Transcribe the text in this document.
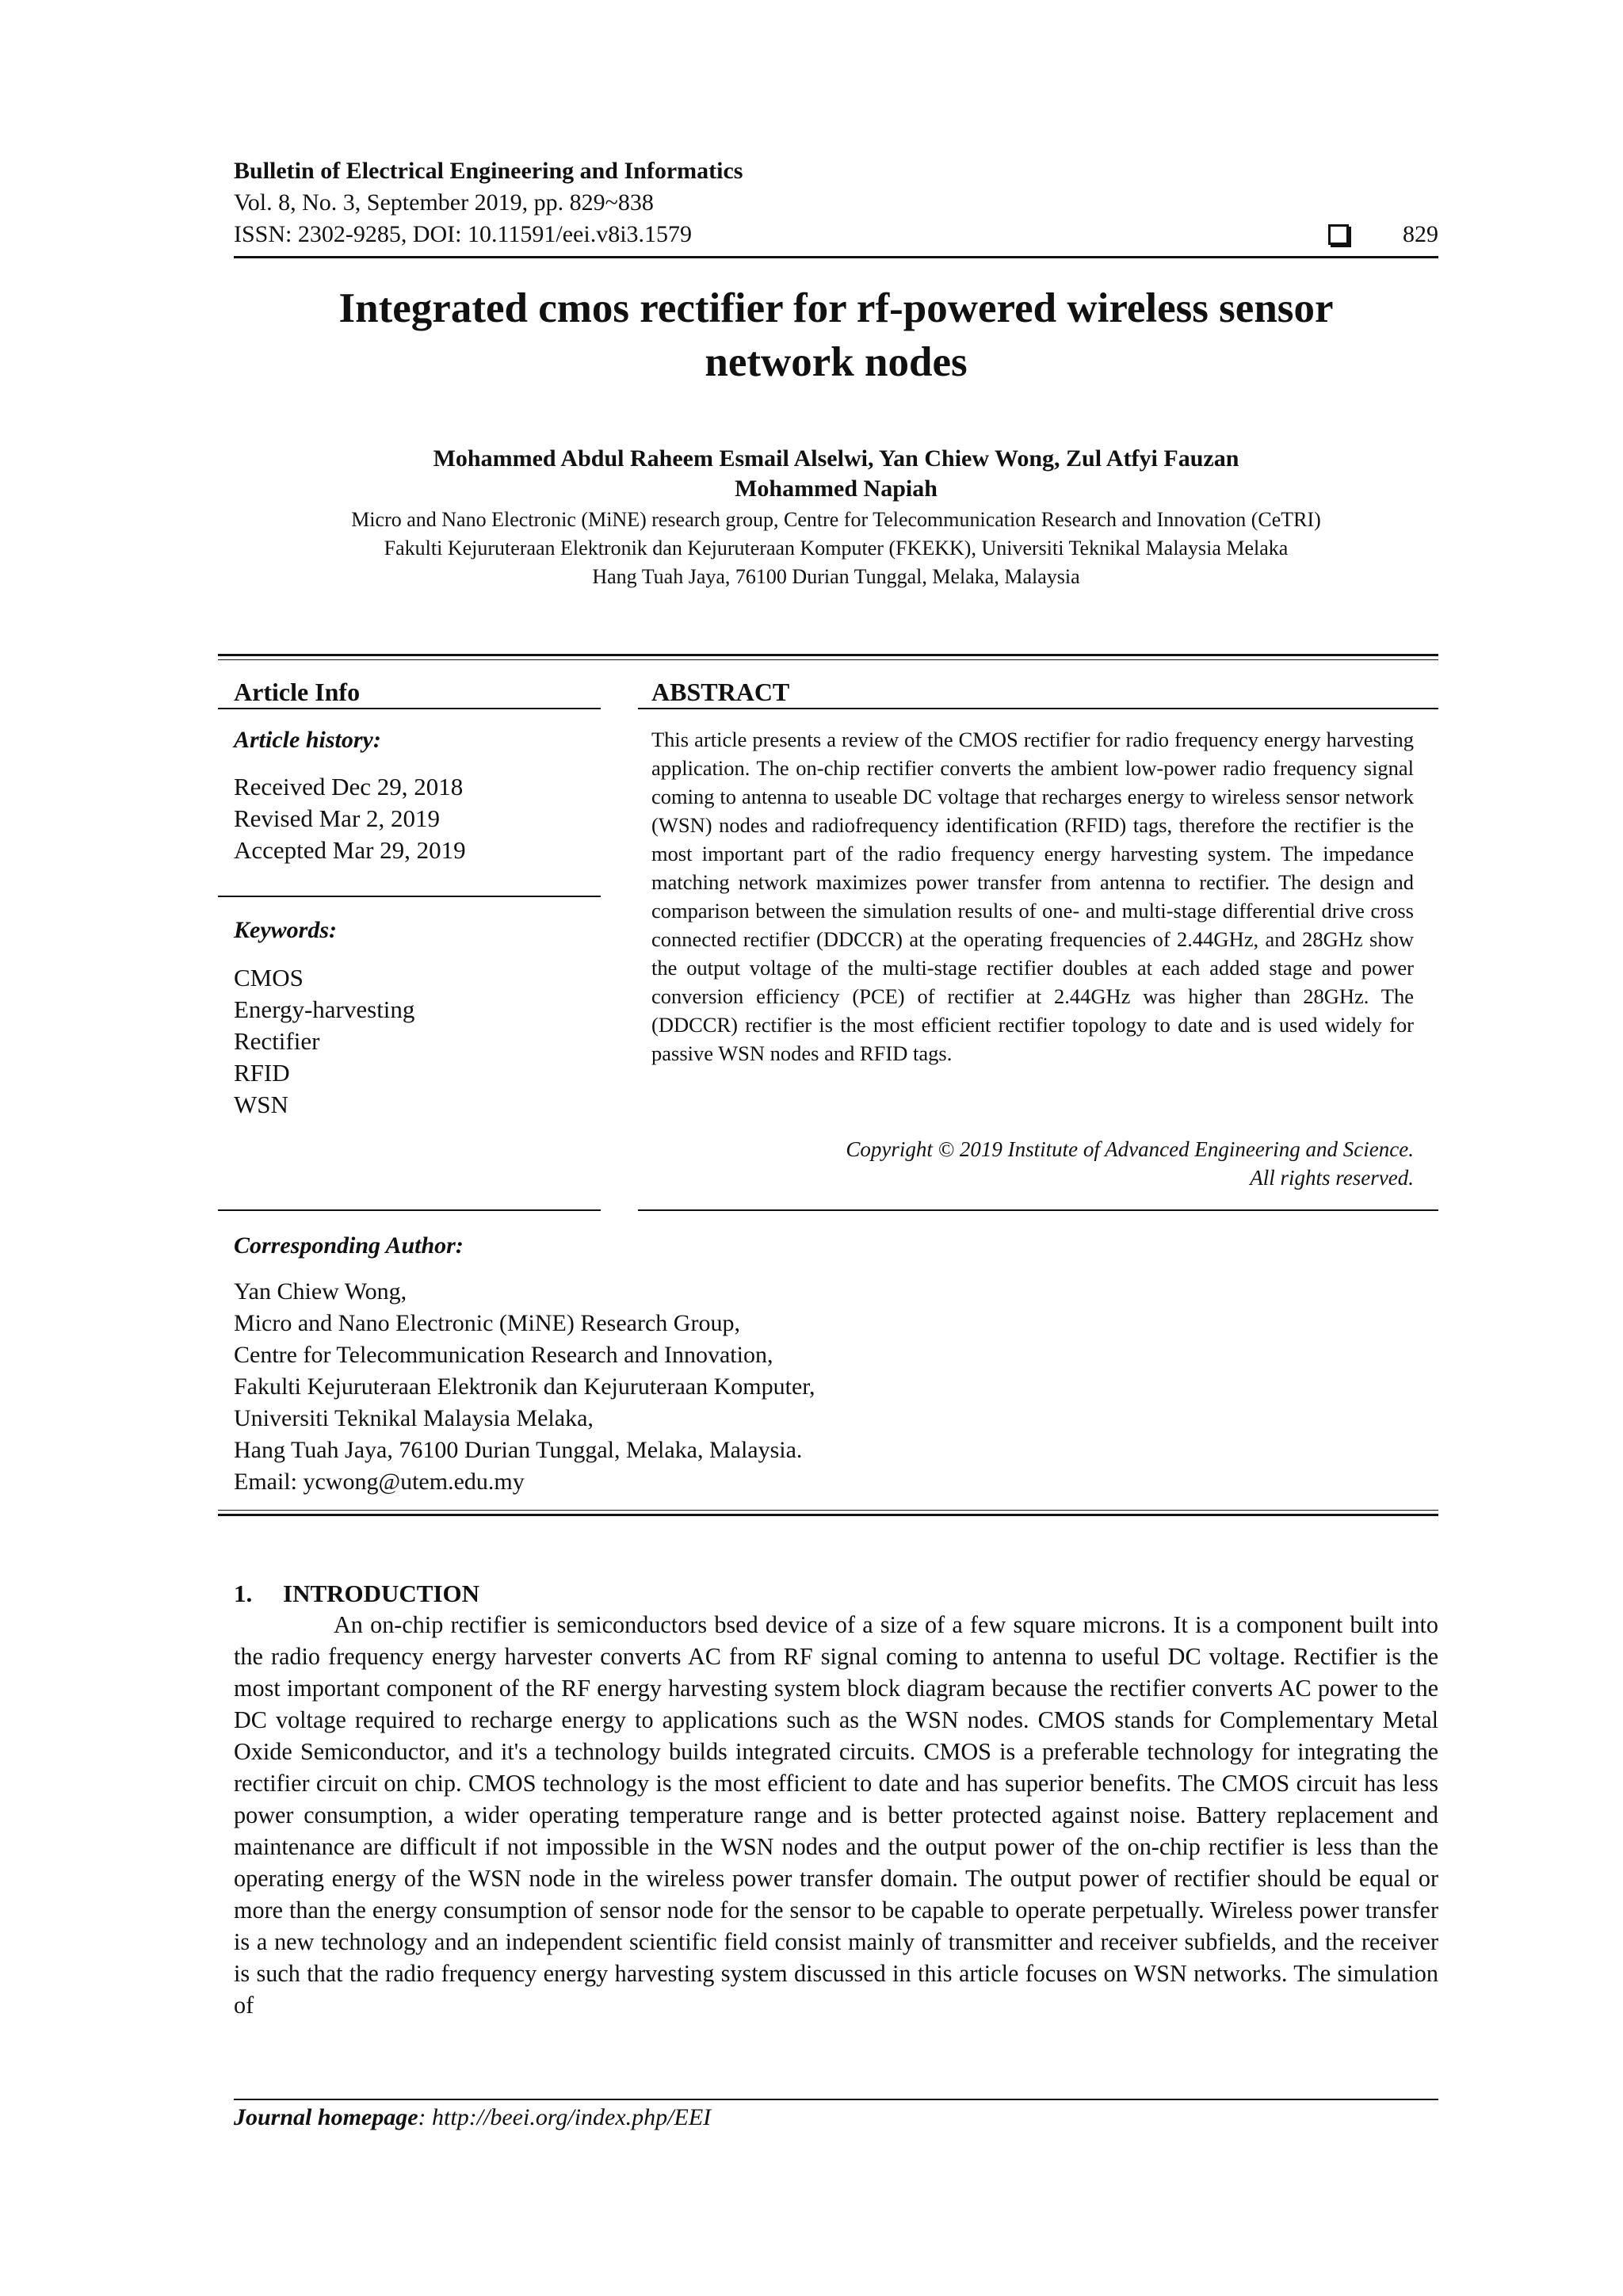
Bulletin of Electrical Engineering and Informatics
Vol. 8, No. 3, September 2019, pp. 829~838
ISSN: 2302-9285, DOI: 10.11591/eei.v8i3.1579	829
Integrated cmos rectifier for rf-powered wireless sensor
network nodes
Mohammed Abdul Raheem Esmail Alselwi, Yan Chiew Wong, Zul Atfyi Fauzan
Mohammed Napiah
Micro and Nano Electronic (MiNE) research group, Centre for Telecommunication Research and Innovation (CeTRI)
Fakulti Kejuruteraan Elektronik dan Kejuruteraan Komputer (FKEKK), Universiti Teknikal Malaysia Melaka
Hang Tuah Jaya, 76100 Durian Tunggal, Melaka, Malaysia
Article Info
Article history:
Received Dec 29, 2018
Revised Mar 2, 2019
Accepted Mar 29, 2019
Keywords:
CMOS
Energy-harvesting
Rectifier
RFID
WSN
ABSTRACT
This article presents a review of the CMOS rectifier for radio frequency energy harvesting application. The on-chip rectifier converts the ambient low-power radio frequency signal coming to antenna to useable DC voltage that recharges energy to wireless sensor network (WSN) nodes and radiofrequency identification (RFID) tags, therefore the rectifier is the most important part of the radio frequency energy harvesting system. The impedance matching network maximizes power transfer from antenna to rectifier. The design and comparison between the simulation results of one- and multi-stage differential drive cross connected rectifier (DDCCR) at the operating frequencies of 2.44GHz, and 28GHz show the output voltage of the multi-stage rectifier doubles at each added stage and power conversion efficiency (PCE) of rectifier at 2.44GHz was higher than 28GHz. The (DDCCR) rectifier is the most efficient rectifier topology to date and is used widely for passive WSN nodes and RFID tags.
Copyright © 2019 Institute of Advanced Engineering and Science.
All rights reserved.
Corresponding Author:
Yan Chiew Wong,
Micro and Nano Electronic (MiNE) Research Group,
Centre for Telecommunication Research and Innovation,
Fakulti Kejuruteraan Elektronik dan Kejuruteraan Komputer,
Universiti Teknikal Malaysia Melaka,
Hang Tuah Jaya, 76100 Durian Tunggal, Melaka, Malaysia.
Email: ycwong@utem.edu.my
1.     INTRODUCTION

An on-chip rectifier is semiconductors bsed device of a size of a few square microns. It is a component built into the radio frequency energy harvester converts AC from RF signal coming to antenna to useful DC voltage. Rectifier is the most important component of the RF energy harvesting system block diagram because the rectifier converts AC power to the DC voltage required to recharge energy to applications such as the WSN nodes. CMOS stands for Complementary Metal Oxide Semiconductor, and it's a technology builds integrated circuits. CMOS is a preferable technology for integrating the rectifier circuit on chip. CMOS technology is the most efficient to date and has superior benefits. The CMOS circuit has less power consumption, a wider operating temperature range and is better protected against noise. Battery replacement and maintenance are difficult if not impossible in the WSN nodes and the output power of the on-chip rectifier is less than the operating energy of the WSN node in the wireless power transfer domain. The output power of rectifier should be equal or more than the energy consumption of sensor node for the sensor to be capable to operate perpetually. Wireless power transfer is a new technology and an independent scientific field consist mainly of transmitter and receiver subfields, and the receiver is such that the radio frequency energy harvesting system discussed in this article focuses on WSN networks. The simulation of

Journal homepage: http://beei.org/index.php/EEI
